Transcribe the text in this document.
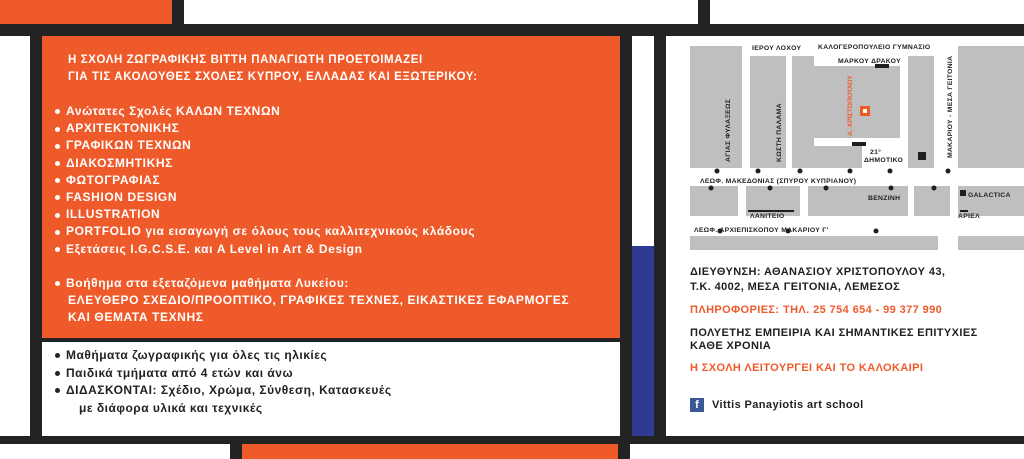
Η ΣΧΟΛΗ ΖΩΓΡΑΦΙΚΗΣ ΒΙΤΤΗ ΠΑΝΑΓΙΩΤΗ ΠΡΟΕΤΟΙΜΑΖΕΙ
ΓΙΑ ΤΙΣ ΑΚΟΛΟΥΘΕΣ ΣΧΟΛΕΣ ΚΥΠΡΟΥ, ΕΛΛΑΔΑΣ ΚΑΙ ΕΞΩΤΕΡΙΚΟΥ:
Ανώτατες Σχολές ΚΑΛΩΝ ΤΕΧΝΩΝ
ΑΡΧΙΤΕΚΤΟΝΙΚΗΣ
ΓΡΑΦΙΚΩΝ ΤΕΧΝΩΝ
ΔΙΑΚΟΣΜΗΤΙΚΗΣ
ΦΩΤΟΓΡΑΦΙΑΣ
FASHION DESIGN
ILLUSTRATION
PORTFOLIO για εισαγωγή σε όλους τους καλλιτεχνικούς κλάδους
Εξετάσεις I.G.C.S.E. και A Level in Art & Design
Βοήθημα στα εξεταζόμενα μαθήματα Λυκείου:
ΕΛΕΥΘΕΡΟ ΣΧΕΔΙΟ/ΠΡΟΟΠΤΙΚΟ, ΓΡΑΦΙΚΕΣ ΤΕΧΝΕΣ, ΕΙΚΑΣΤΙΚΕΣ ΕΦΑΡΜΟΓΕΣ
ΚΑΙ ΘΕΜΑΤΑ ΤΕΧΝΗΣ
Μαθήματα ζωγραφικής για όλες τις ηλικίες
Παιδικά τμήματα από 4 ετών και άνω
ΔΙΔΑΣΚΟΝΤΑΙ: Σχέδιο, Χρώμα, Σύνθεση, Κατασκευές
με διάφορα υλικά και τεχνικές
ΙΕΡΟΥ ΛΟΧΟΥ ΚΑΛΟΓΕΡΟΠΟΥΛΕΙΟ ΓΥΜΝΑΣΙΟ
ΜΑΡΚΟΥ ΔΡΑΚΟΥ
21°
ΔΗΜΟΤΙΚΟ
ΛΕΩΦ. ΜΑΚΕΔΟΝΙΑΣ (ΣΠΥΡΟΥ ΚΥΠΡΙΑΝΟΥ)
GALACTICA
ΒΕΝΖΙΝΗ
ΛΑΝΙΤΕΙΟ	ΑΡΙΕΛ
ΛΕΩΦ. ΑΡΧΙΕΠΙΣΚΟΠΟΥ ΜΑΚΑΡΙΟΥ Γ'
ΑΓΙΑΣ ΦΥΛΑΞΕΩΣ	ΚΩΣΤΗ ΠΑΛΑΜΑ	ΜΑΚΑΡΙΟΥ - ΜΕΣΑ ΓΕΙΤΟΝΙΑ
Α. ΧΡΙΣΤΟΠΟΥΛΟΥ
ΔΙΕΥΘΥΝΣΗ: ΑΘΑΝΑΣΙΟΥ ΧΡΙΣΤΟΠΟΥΛΟΥ 43,
Τ.Κ. 4002, ΜΕΣΑ ΓΕΙΤΟΝΙΑ, ΛΕΜΕΣΟΣ
ΠΛΗΡΟΦΟΡΙΕΣ: ΤΗΛ. 25 754 654 - 99 377 990
ΠΟΛΥΕΤΗΣ ΕΜΠΕΙΡΙΑ ΚΑΙ ΣΗΜΑΝΤΙΚΕΣ ΕΠΙΤΥΧΙΕΣ
ΚΑΘΕ ΧΡΟΝΙΑ
Η ΣΧΟΛΗ ΛΕΙΤΟΥΡΓΕΙ ΚΑΙ ΤΟ ΚΑΛΟΚΑΙΡΙ
f	Vittis Panayiotis art school
